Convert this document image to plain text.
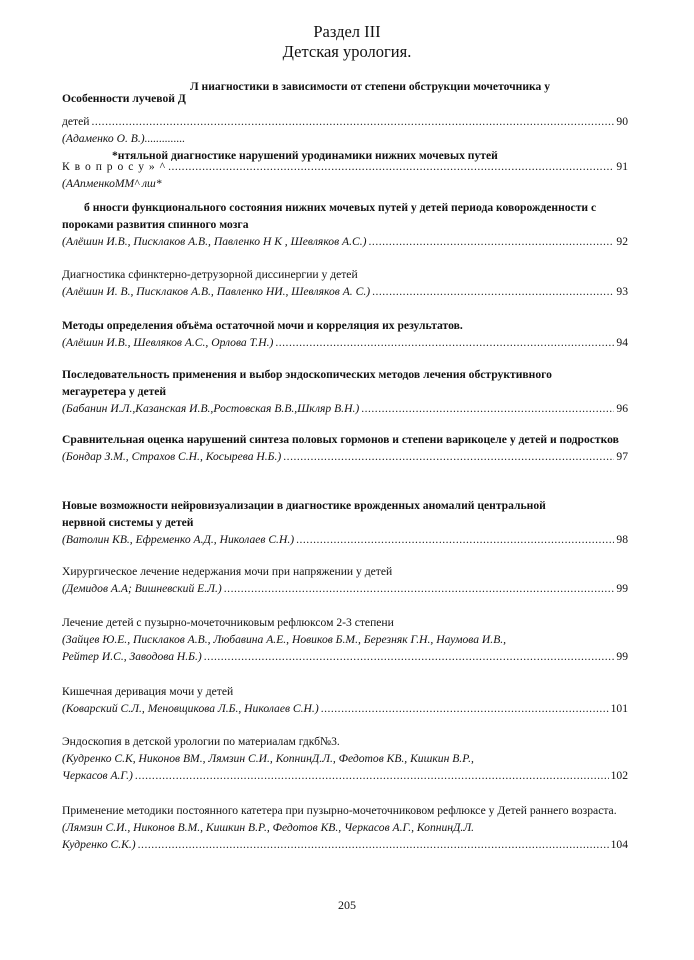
Раздел III
Детская урология.
Л ниагностики в зависимости от степени обструкции мочеточника у
Особенности лучевой Д
детей .....	90
(Адаменко О. В.)..............
*нтяльной диагностике нарушений уродинамики нижних мочевых путей
К в о п р о с у » ^ .....	91
(ААпменкоММ^ лш*
б нносги функционального состояния нижних мочевых путей у детей периода коворожденности с пороками развития спинного мозга
(Алёшин И.В., Писклаков А.В., Павленко Н К , Шевляков А.С.) .....	92
Диагностика сфинктерно-детрузорной диссинергии у детей
(Алёшин И. В., Писклаков А.В., Павленко НИ., Шевляков А. С.) .....	93
Методы определения объёма остаточной мочи и корреляция их результатов.
(Алёшин И.В., Шевляков А.С., Орлова Т.Н.) .....	94
Последовательность применения и выбор эндоскопических методов лечения обструктивного мегауретера у детей
(Бабанин И.Л.,Казанская И.В.,Ростовская В.В.,Шкляр В.Н.) .....	96
Сравнительная оценка нарушений синтеза половых гормонов и степени варикоцеле у детей и подростков
(Бондар З.М., Страхов С.Н., Косырева Н.Б.) .....	97
Новые возможности нейровизуализации в диагностике врожденных аномалий центральной нервной системы у детей
(Ватолин КВ., Ефременко А.Д., Николаев С.Н.) .....	98
Хирургическое лечение недержания мочи при напряжении у детей
(Демидов А.А; Вишневский Е.Л.) .....	99
Лечение детей с пузырно-мочеточниковым рефлюксом 2-3 степени
(Зайцев Ю.Е., Писклаков А.В., Любавина А.Е., Новиков Б.М., Березняк Г.Н., Наумова И.В.,
Рейтер И.С., Заводова Н.Б.) .....	99
Кишечная деривация мочи у детей
(Коварский С.Л., Меновщикова Л.Б., Николаев С.Н.) .....	101
Эндоскопия в детской урологии по материалам гдкб№3.
(Кудренко С.К, Никонов ВМ., Лямзин С.И., КопнинД.Л., Федотов КВ., Кишкин В.Р.,
Черкасов А.Г.) .....	102
Применение методики постоянного катетера при пузырно-мочеточниковом рефлюксе у Детей раннего возраста.
(Лямзин С.И., Никонов В.М., Кишкин В.Р., Федотов КВ., Черкасов А.Г., КопнинД.Л.
Кудренко С.К.) .....	104
205
